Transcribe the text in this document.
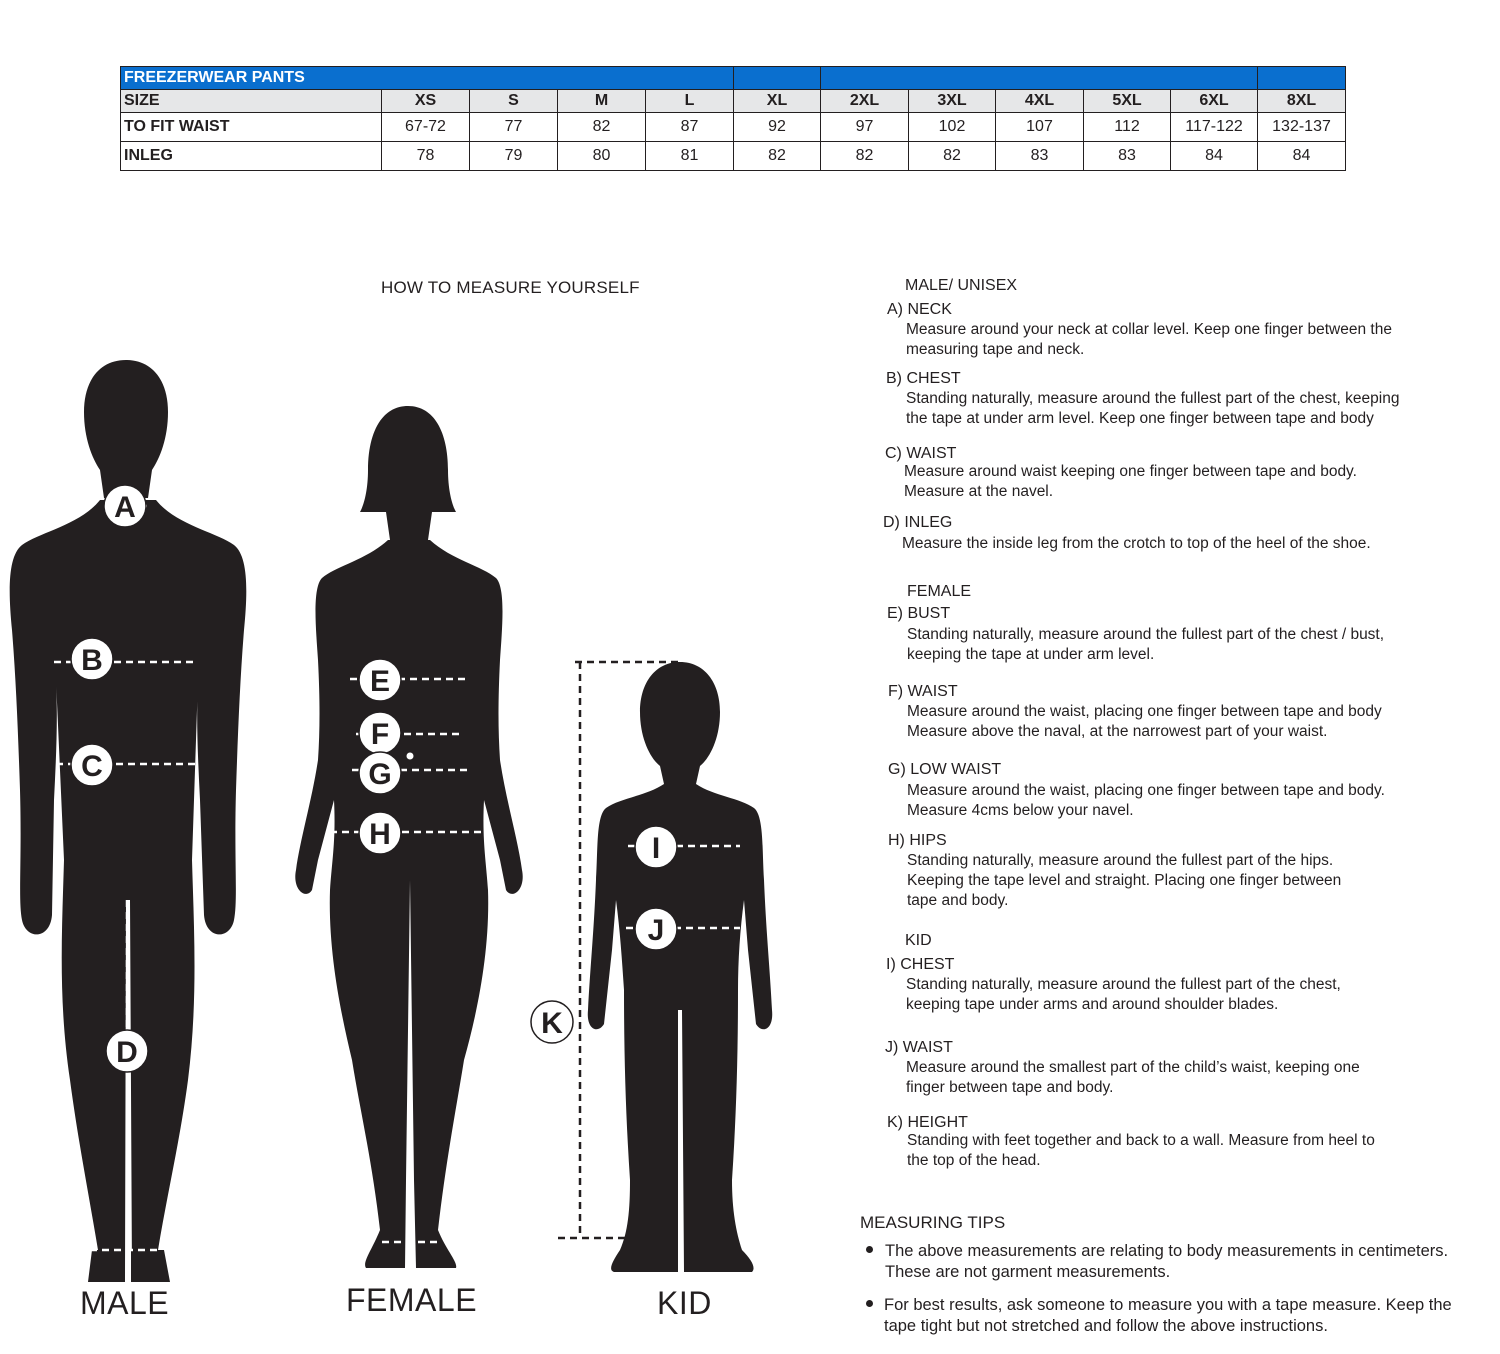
FREEZERWEAR PANTS											
SIZE	XS	S	M	L	XL	2XL	3XL	4XL	5XL	6XL	8XL
TO FIT WAIST	67-72	77	82	87	92	97	102	107	112	117-122	132-137
INLEG	78	79	80	81	82	82	82	83	83	84	84
HOW TO MEASURE YOURSELF
A
B
C
D
E
F
G
H	I
J
K
MALE	FEMALE	KID
MALE/ UNISEX
A) NECK
Measure around your neck at collar level. Keep one finger between the
measuring tape and neck.
B) CHEST
Standing naturally, measure around the fullest part of the chest, keeping
the tape at under arm level. Keep one finger between tape and body
C) WAIST
Measure around waist keeping one finger between tape and body.
Measure at the navel.
D) INLEG
Measure the inside leg from the crotch to top of the heel of the shoe.
FEMALE
E) BUST
Standing naturally, measure around the fullest part of the chest / bust,
keeping the tape at under arm level.
F) WAIST
Measure around the waist, placing one finger between tape and body
Measure above the naval, at the narrowest part of your waist.
G) LOW WAIST
Measure around the waist, placing one finger between tape and body.
Measure 4cms below your navel.
H) HIPS
Standing naturally, measure around the fullest part of the hips.
Keeping the tape level and straight. Placing one finger between
tape and body.
KID
I) CHEST
Standing naturally, measure around the fullest part of the chest,
keeping tape under arms and around shoulder blades.
J) WAIST
Measure around the smallest part of the child’s waist, keeping one
finger between tape and body.
K) HEIGHT
Standing with feet together and back to a wall. Measure from heel to
the top of the head.
MEASURING TIPS
The above measurements are relating to body measurements in centimeters.
These are not garment measurements.
For best results, ask someone to measure you with a tape measure. Keep the
tape tight but not stretched and follow the above instructions.
